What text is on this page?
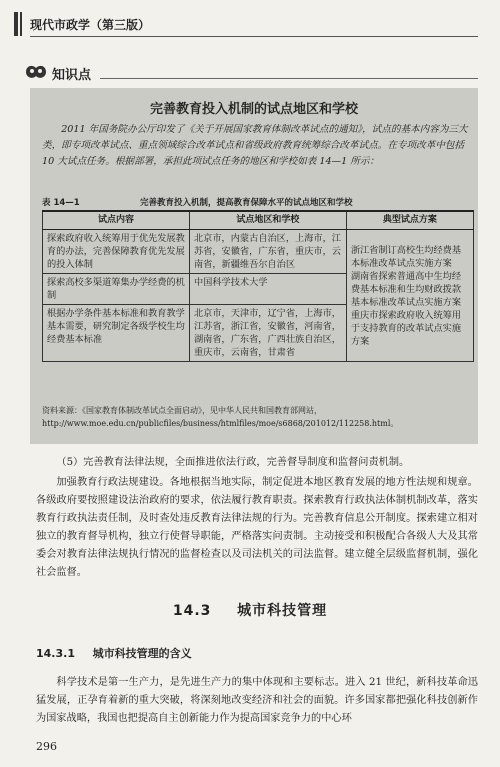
现代市政学（第三版）
知识点
完善教育投入机制的试点地区和学校
2011 年国务院办公厅印发了《关于开展国家教育体制改革试点的通知》，试点的基本内容为三大类，即专项改革试点、重点领域综合改革试点和省级政府教育统筹综合改革试点。在专项改革中包括 10 大试点任务。根据部署，承担此项试点任务的地区和学校如表 14—1 所示：
表 14—1	完善教育投入机制，提高教育保障水平的试点地区和学校
试点内容	试点地区和学校	典型试点方案
探索政府收入统筹用于优先发展教育的办法，完善保障教育优先发展的投入体制	北京市，内蒙古自治区，上海市，江苏省，安徽省，广东省，重庆市，云南省，新疆维吾尔自治区	浙江省制订高校生均经费基本标准改革试点实施方案
湖南省探索普通高中生均经费基本标准和生均财政拨款基本标准改革试点实施方案
重庆市探索政府收入统筹用于支持教育的改革试点实施方案
探索高校多渠道筹集办学经费的机制	中国科学技术大学	
根据办学条件基本标准和教育教学基本需要，研究制定各级学校生均经费基本标准	北京市，天津市，辽宁省，上海市，江苏省，浙江省，安徽省，河南省，湖南省，广东省，广西壮族自治区，重庆市，云南省，甘肃省	
资料来源：《国家教育体制改革试点全面启动》，见中华人民共和国教育部网站，http://www.moe.edu.cn/publicfiles/business/htmlfiles/moe/s6868/201012/112258.html。
（5）完善教育法律法规，全面推进依法行政，完善督导制度和监督问责机制。
加强教育行政法规建设。各地根据当地实际，制定促进本地区教育发展的地方性法规和规章。各级政府要按照建设法治政府的要求，依法履行教育职责。探索教育行政执法体制机制改革，落实教育行政执法责任制，及时查处违反教育法律法规的行为。完善教育信息公开制度。探索建立相对独立的教育督导机构，独立行使督导职能，严格落实问责制。主动接受和积极配合各级人大及其常委会对教育法律法规执行情况的监督检查以及司法机关的司法监督。建立健全层级监督机制，强化社会监督。
14.3 城市科技管理
14.3.1 城市科技管理的含义
科学技术是第一生产力，是先进生产力的集中体现和主要标志。进入 21 世纪，新科技革命迅猛发展，正孕育着新的重大突破，将深刻地改变经济和社会的面貌。许多国家都把强化科技创新作为国家战略，我国也把提高自主创新能力作为提高国家竞争力的中心环
296
